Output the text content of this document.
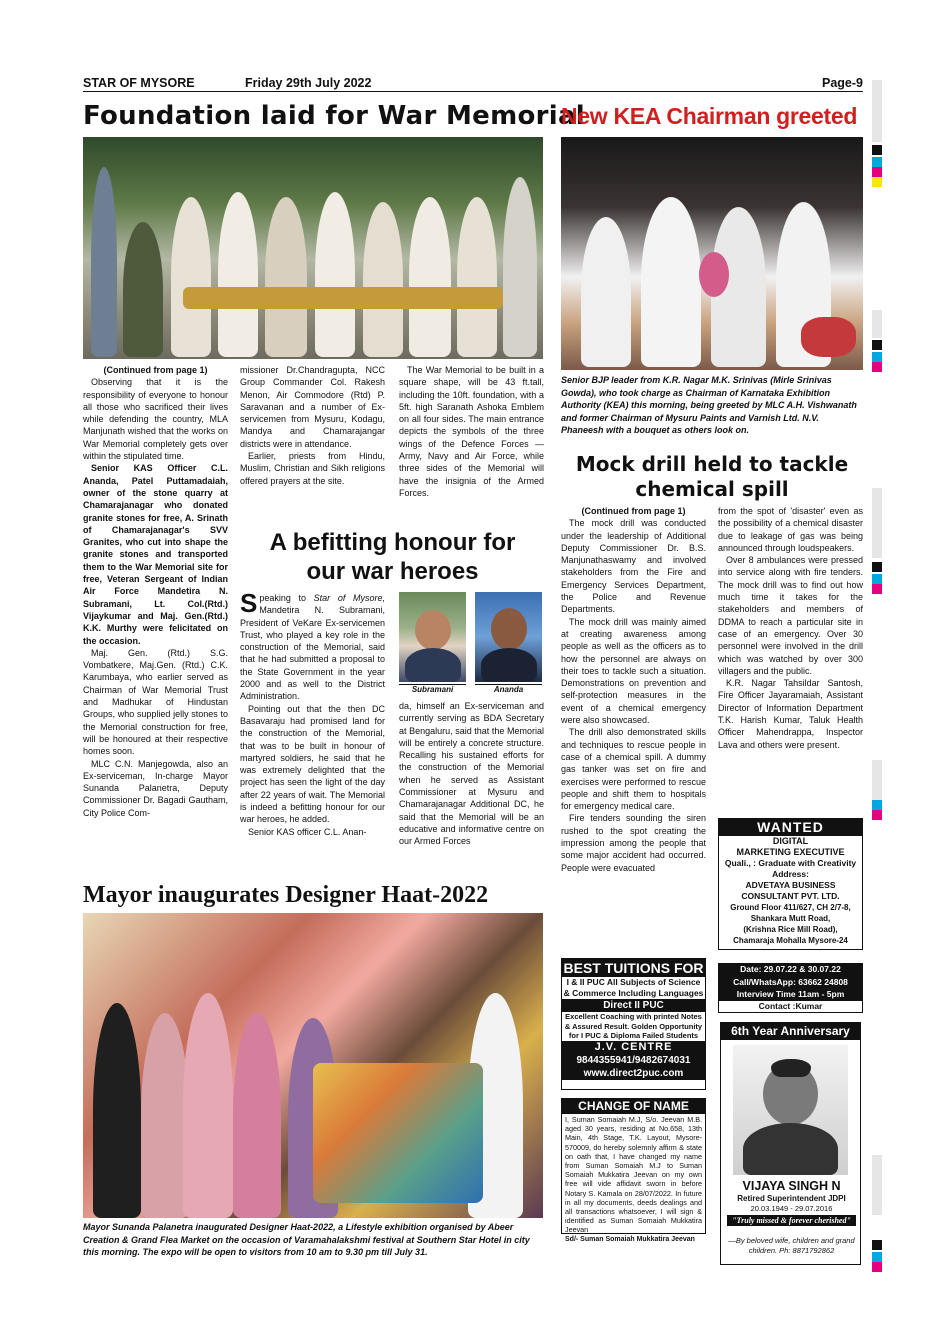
STAR OF MYSORE	Friday 29th July 2022	Page-9
Foundation laid for War Memorial

(Continued from page 1)

Observing that it is the responsibility of everyone to honour all those who sacrificed their lives while defending the country, MLA Manjunath wished that the works on War Memorial completely gets over within the stipulated time.

Senior KAS Officer C.L. Ananda, Patel Puttamadaiah, owner of the stone quarry at Chamarajanagar who donated granite stones for free, A. Srinath of Chamarajanagar's SVV Granites, who cut into shape the granite stones and transported them to the War Memorial site for free, Veteran Sergeant of Indian Air Force Mandetira N. Subramani, Lt. Col.(Rtd.) Vijaykumar and Maj. Gen.(Rtd.) K.K. Murthy were felicitated on the occasion.

Maj. Gen. (Rtd.) S.G. Vombatkere, Maj.Gen. (Rtd.) C.K. Karumbaya, who earlier served as Chairman of War Memorial Trust and Madhukar of Hindustan Groups, who supplied jelly stones to the Memorial construction for free, will be honoured at their respective homes soon.

MLC C.N. Manjegowda, also an Ex-serviceman, In-charge Mayor Sunanda Palanetra, Deputy Commissioner Dr. Bagadi Gautham, City Police Com-

missioner Dr.Chandragupta, NCC Group Commander Col. Rakesh Menon, Air Commodore (Rtd) P. Saravanan and a number of Ex-servicemen from Mysuru, Kodagu, Mandya and Chamarajangar districts were in attendance.

Earlier, priests from Hindu, Muslim, Christian and Sikh religions offered prayers at the site.

The War Memorial to be built in a square shape, will be 43 ft.tall, including the 10ft. foundation, with a 5ft. high Saranath Ashoka Emblem on all four sides. The main entrance depicts the symbols of the three wings of the Defence Forces — Army, Navy and Air Force, while three sides of the Memorial will have the insignia of the Armed Forces.

A befitting honour for
our war heroes

Speaking to Star of Mysore, Mandetira N. Subramani, President of VeKare Ex-servicemen Trust, who played a key role in the construction of the Memorial, said that he had submitted a proposal to the State Government in the year 2000 and as well to the District Administration.

Pointing out that the then DC Basavaraju had promised land for the construction of the Memorial, that was to be built in honour of martyred soldiers, he said that he was extremely delighted that the project has seen the light of the day after 22 years of wait. The Memorial is indeed a befitting honour for our war heroes, he added.

Senior KAS officer C.L. Anan-

Subramani	Ananda

da, himself an Ex-serviceman and currently serving as BDA Secretary at Bengaluru, said that the Memorial will be entirely a concrete structure. Recalling his sustained efforts for the construction of the Memorial when he served as Assistant Commissioner at Mysuru and Chamarajanagar Additional DC, he said that the Memorial will be an educative and informative centre on our Armed Forces

New KEA Chairman greeted
Senior BJP leader from K.R. Nagar M.K. Srinivas (Mirle Srinivas Gowda), who took charge as Chairman of Karnataka Exhibition Authority (KEA) this morning, being greeted by MLC A.H. Vishwanath and former Chairman of Mysuru Paints and Varnish Ltd. N.V. Phaneesh with a bouquet as others look on.
Mock drill held to tackle
chemical spill

(Continued from page 1)

The mock drill was conducted under the leadership of Additional Deputy Commissioner Dr. B.S. Manjunathaswamy and involved stakeholders from the Fire and Emergency Services Department, the Police and Revenue Departments.

The mock drill was mainly aimed at creating awareness among people as well as the officers as to how the personnel are always on their toes to tackle such a situation. Demonstrations on prevention and self-protection measures in the event of a chemical emergency were also showcased.

The drill also demonstrated skills and techniques to rescue people in case of a chemical spill. A dummy gas tanker was set on fire and exercises were performed to rescue people and shift them to hospitals for emergency medical care.

Fire tenders sounding the siren rushed to the spot creating the impression among the people that some major accident had occurred. People were evacuated

from the spot of 'disaster' even as the possibility of a chemical disaster due to leakage of gas was being announced through loudspeakers.

Over 8 ambulances were pressed into service along with fire tenders. The mock drill was to find out how much time it takes for the stakeholders and members of DDMA to reach a particular site in case of an emergency. Over 30 personnel were involved in the drill which was watched by over 300 villagers and the public.

K.R. Nagar Tahsildar Santosh, Fire Officer Jayaramaiah, Assistant Director of Information Department T.K. Harish Kumar, Taluk Health Officer Mahendrappa, Inspector Lava and others were present.

WANTED
DIGITAL
MARKETING EXECUTIVE
Quali., : Graduate with Creativity
Address:
ADVETAYA BUSINESS
CONSULTANT PVT. LTD.
Ground Floor 411/627, CH 2/7-8,
Shankara Mutt Road,
(Krishna Rice Mill Road),
Chamaraja Mohalla Mysore-24
Date: 29.07.22 & 30.07.22
Call/WhatsApp: 63662 24808
Interview Time 11am - 5pm
Contact :Kumar
Mayor inaugurates Designer Haat-2022
Mayor Sunanda Palanetra inaugurated Designer Haat-2022, a Lifestyle exhibition organised by Abeer Creation & Grand Flea Market on the occasion of Varamahalakshmi festival at Southern Star Hotel in city this morning. The expo will be open to visitors from 10 am to 9.30 pm till July 31.
BEST TUITIONS FOR
I & II PUC All Subjects of Science
& Commerce Including Languages
Direct II PUC
Excellent Coaching with printed Notes
& Assured Result. Golden Opportunity
for I PUC & Diploma Failed Students
J.V. CENTRE
9844355941/9482674031
www.direct2puc.com
CHANGE OF NAME
I, Suman Somaiah M.J, S/o. Jeevan M.B. aged 30 years, residing at No.658, 13th Main, 4th Stage, T.K. Layout, Mysore-570009, do hereby solemnly affirm & state on oath that, I have changed my name from Suman Somaiah M.J to Suman Somaiah Mukkatira Jeevan on my own free will vide affidavit sworn in before Notary S. Kamala on 28/07/2022. In future in all my documents, deeds dealings and all transactions whatsoever, I will sign & identified as Suman Somaiah Mukkatira Jeevan
Sd/- Suman Somaiah Mukkatira Jeevan
6th Year Anniversary
VIJAYA SINGH N
Retired Superintendent JDPI
20.03.1949 - 29.07.2016
"Truly missed & forever cherished"
—By beloved wife, children and grand children. Ph: 8871792862
